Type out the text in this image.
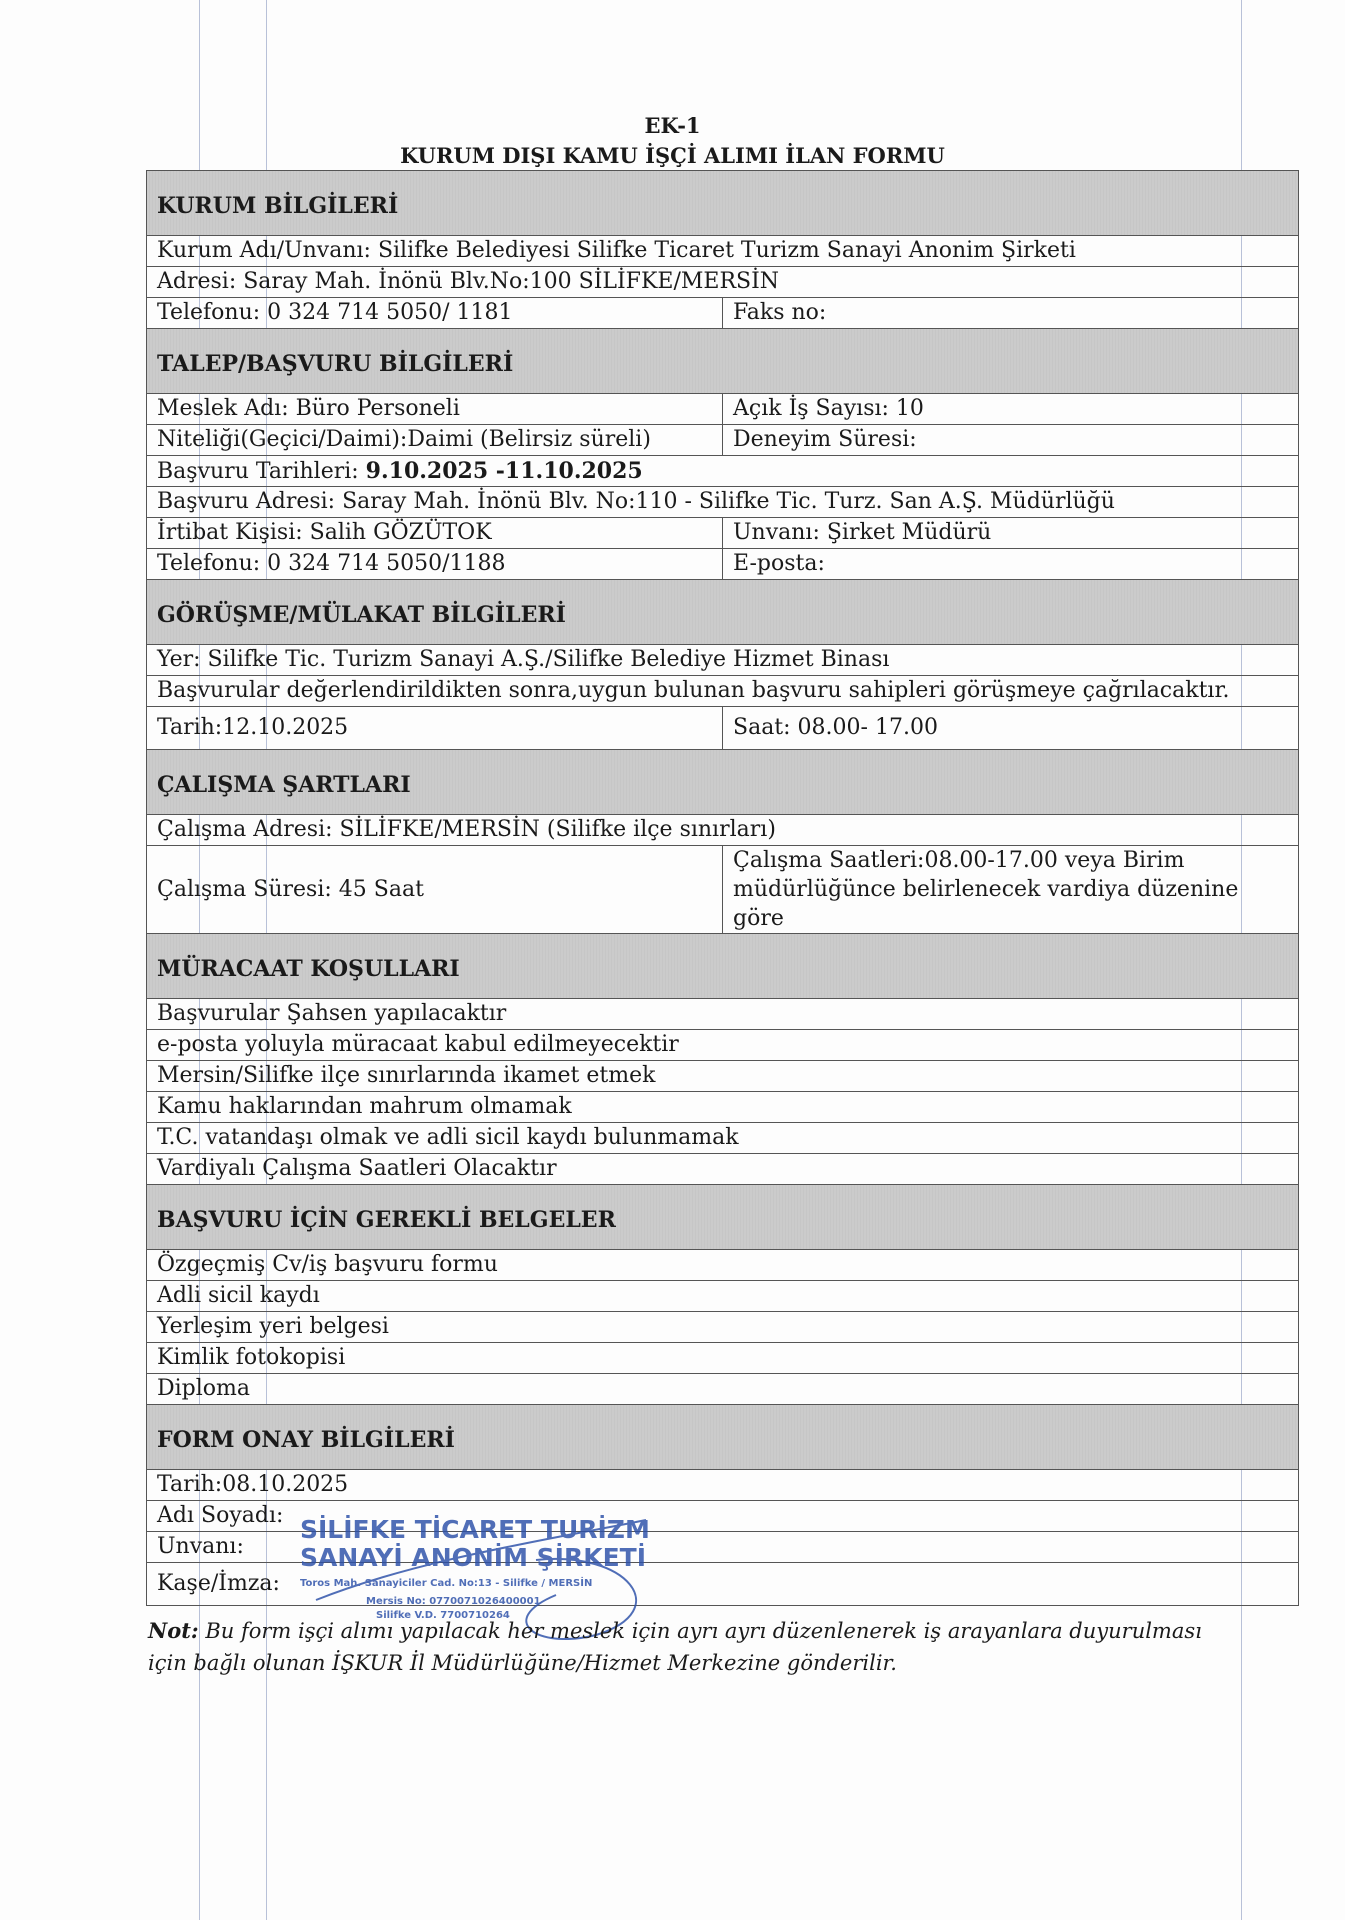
EK-1
KURUM DIŞI KAMU İŞÇİ ALIMI İLAN FORMU
KURUM BİLGİLERİ	
Kurum Adı/Unvanı: Silifke Belediyesi Silifke Ticaret Turizm Sanayi Anonim Şirketi	
Adresi: Saray Mah. İnönü Blv.No:100 SİLİFKE/MERSİN	
Telefonu: 0 324 714 5050/ 1181	Faks no:
TALEP/BAŞVURU BİLGİLERİ	
Meslek Adı: Büro Personeli	Açık İş Sayısı: 10
Niteliği(Geçici/Daimi):Daimi (Belirsiz süreli)	Deneyim Süresi:
Başvuru Tarihleri: 9.10.2025 -11.10.2025	
Başvuru Adresi: Saray Mah. İnönü Blv. No:110 - Silifke Tic. Turz. San A.Ş. Müdürlüğü	
İrtibat Kişisi: Salih GÖZÜTOK	Unvanı: Şirket Müdürü
Telefonu: 0 324 714 5050/1188	E-posta:
GÖRÜŞME/MÜLAKAT BİLGİLERİ	
Yer: Silifke Tic. Turizm Sanayi A.Ş./Silifke Belediye Hizmet Binası	
Başvurular değerlendirildikten sonra,uygun bulunan başvuru sahipleri görüşmeye çağrılacaktır.	
Tarih:12.10.2025	Saat: 08.00- 17.00
ÇALIŞMA ŞARTLARI	
Çalışma Adresi: SİLİFKE/MERSİN (Silifke ilçe sınırları)	
Çalışma Süresi: 45 Saat	Çalışma Saatleri:08.00-17.00 veya Birim müdürlüğünce belirlenecek vardiya düzenine göre
MÜRACAAT KOŞULLARI	
Başvurular Şahsen yapılacaktır	
e-posta yoluyla müracaat kabul edilmeyecektir	
Mersin/Silifke ilçe sınırlarında ikamet etmek	
Kamu haklarından mahrum olmamak	
T.C. vatandaşı olmak ve adli sicil kaydı bulunmamak	
Vardiyalı Çalışma Saatleri Olacaktır	
BAŞVURU İÇİN GEREKLİ BELGELER	
Özgeçmiş Cv/iş başvuru formu	
Adli sicil kaydı	
Yerleşim yeri belgesi	
Kimlik fotokopisi	
Diploma	
FORM ONAY BİLGİLERİ	
Tarih:08.10.2025	
Adı Soyadı:	
Unvanı:	
Kaşe/İmza:	
SİLİFKE TİCARET TURİZM
SANAYİ ANONİM ŞİRKETİ
Toros Mah. Sanayiciler Cad. No:13 - Silifke / MERSİN
Mersis No: 0770071026400001
Silifke V.D. 7700710264
Not: Bu form işçi alımı yapılacak her meslek için ayrı ayrı düzenlenerek iş arayanlara duyurulması için bağlı olunan İŞKUR İl Müdürlüğüne/Hizmet Merkezine gönderilir.
